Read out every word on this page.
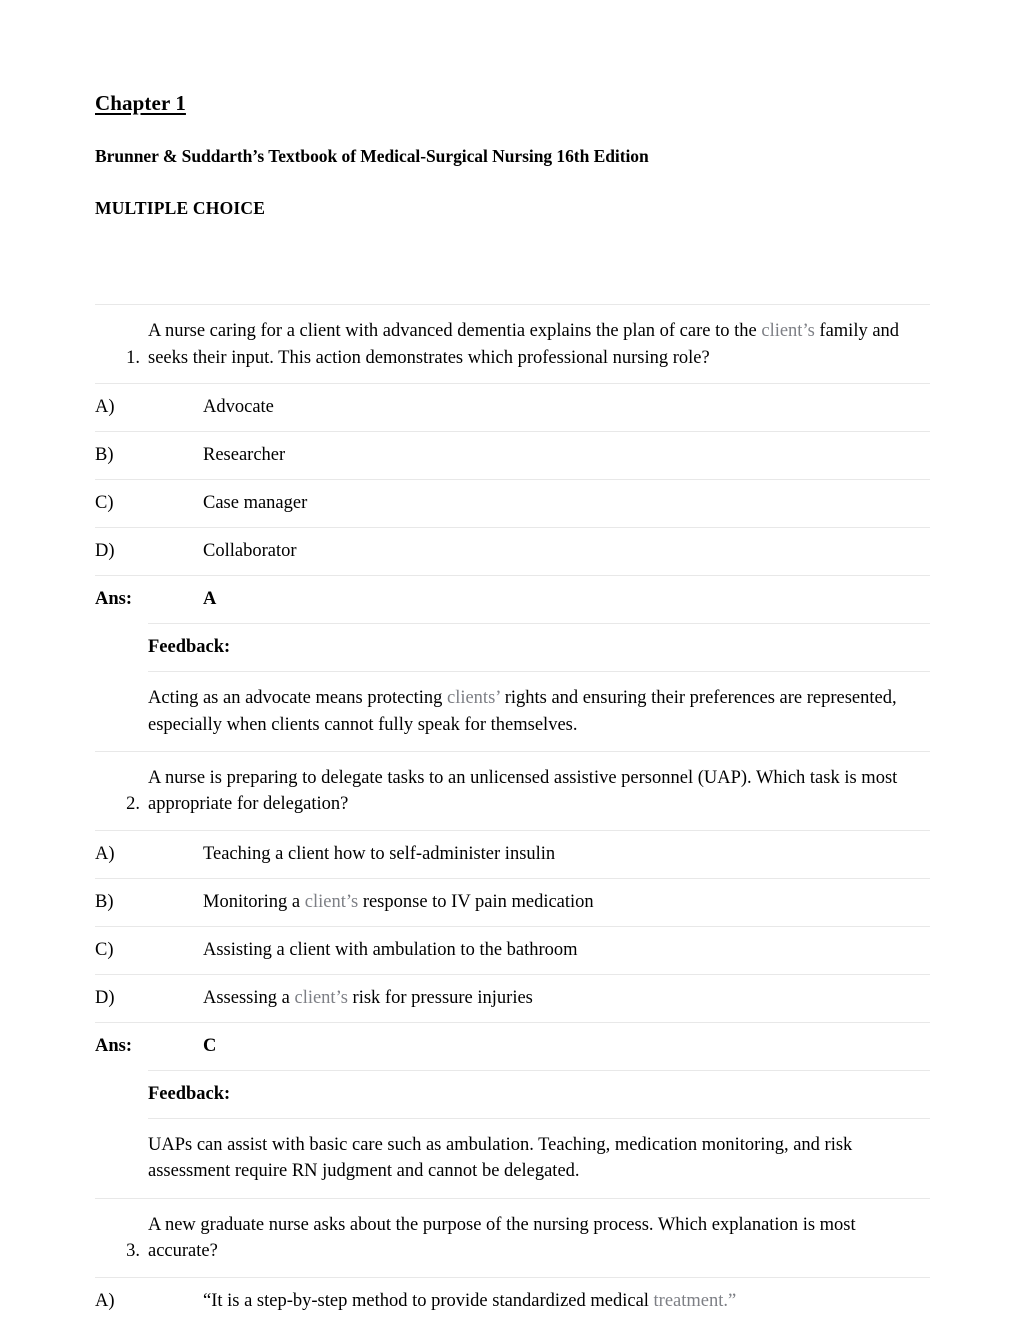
Chapter 1
Brunner & Suddarth’s Textbook of Medical-Surgical Nursing 16th Edition
MULTIPLE CHOICE
1.
A nurse caring for a client with advanced dementia explains the plan of care to the client’s family and seeks their input. This action demonstrates which professional nursing role?
A)	Advocate
B)	Researcher
C)	Case manager
D)	Collaborator
Ans:	A
Feedback:
Acting as an advocate means protecting clients’ rights and ensuring their preferences are represented, especially when clients cannot fully speak for themselves.
2.
A nurse is preparing to delegate tasks to an unlicensed assistive personnel (UAP). Which task is most appropriate for delegation?
A)	Teaching a client how to self-administer insulin
B)	Monitoring a client’s response to IV pain medication
C)	Assisting a client with ambulation to the bathroom
D)	Assessing a client’s risk for pressure injuries
Ans:	C
Feedback:
UAPs can assist with basic care such as ambulation. Teaching, medication monitoring, and risk assessment require RN judgment and cannot be delegated.
3.
A new graduate nurse asks about the purpose of the nursing process. Which explanation is most accurate?
A)	“It is a step-by-step method to provide standardized medical treatment.”
